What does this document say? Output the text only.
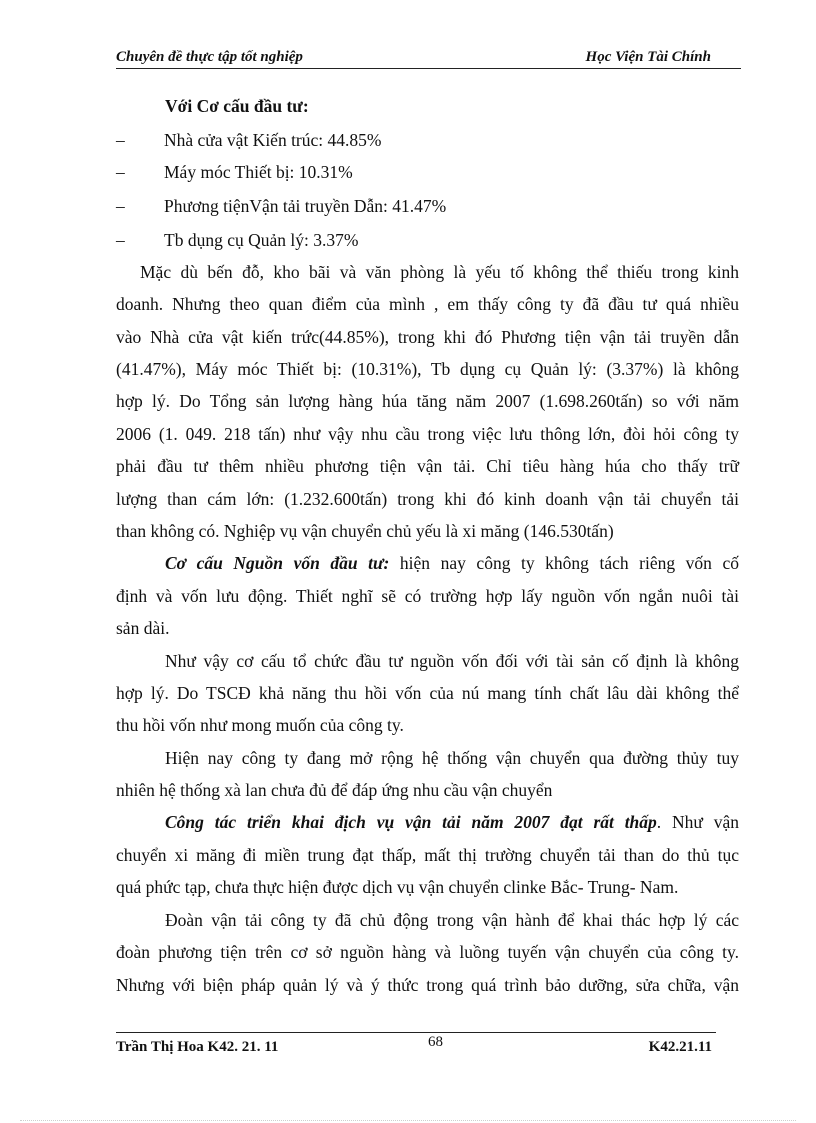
Chuyên đề thực tập tốt nghiệp	Học Viện Tài Chính
Với Cơ cấu đầu tư:
– Nhà cửa vật Kiến trúc: 44.85%
– Máy móc Thiết bị: 10.31%
– Phương tiệnVận tải truyền Dẫn: 41.47%
– Tb dụng cụ Quản lý: 3.37%
Mặc dù bến đỗ, kho bãi và văn phòng là yếu tố không thể thiếu trong kinh
doanh. Nhưng theo quan điểm của mình , em thấy công ty đã đầu tư quá nhiều
vào Nhà cửa vật kiến trức(44.85%), trong khi đó Phương tiện vận tải truyền dẫn
(41.47%), Máy móc Thiết bị: (10.31%), Tb dụng cụ Quản lý: (3.37%) là không
hợp lý. Do Tổng sản lượng hàng húa tăng năm 2007 (1.698.260tấn) so với năm
2006 (1. 049. 218 tấn) như vậy nhu cầu trong việc lưu thông lớn, đòi hỏi công ty
phải đầu tư thêm nhiều phương tiện vận tải. Chỉ tiêu hàng húa cho thấy trữ
lượng than cám lớn: (1.232.600tấn) trong khi đó kinh doanh vận tải chuyển tải
than không có. Nghiệp vụ vận chuyển chủ yếu là xi măng (146.530tấn)
Cơ cấu Nguồn vốn đầu tư: hiện nay công ty không tách riêng vốn cố
định và vốn lưu động. Thiết nghĩ sẽ có trường hợp lấy nguồn vốn ngắn nuôi tài
sản dài.
Như vậy cơ cấu tổ chức đầu tư nguồn vốn đối với tài sản cố định là không
hợp lý. Do TSCĐ khả năng thu hồi vốn của nú mang tính chất lâu dài không thể
thu hồi vốn như mong muốn của công ty.
Hiện nay công ty đang mở rộng hệ thống vận chuyển qua đường thủy tuy
nhiên hệ thống xà lan chưa đủ để đáp ứng nhu cầu vận chuyển
Công tác triển khai địch vụ vận tải năm 2007 đạt rất thấp. Như vận
chuyển xi măng đi miền trung đạt thấp, mất thị trường chuyển tải than do thủ tục
quá phức tạp, chưa thực hiện được dịch vụ vận chuyển clinke Bắc- Trung- Nam.
Đoàn vận tải công ty đã chủ động trong vận hành để khai thác hợp lý các
đoàn phương tiện trên cơ sở nguồn hàng và luồng tuyến vận chuyển của công ty.
Nhưng với biện pháp quản lý và ý thức trong quá trình bảo dưỡng, sửa chữa, vận
Trần Thị Hoa K42. 21. 11	68	K42.21.11
